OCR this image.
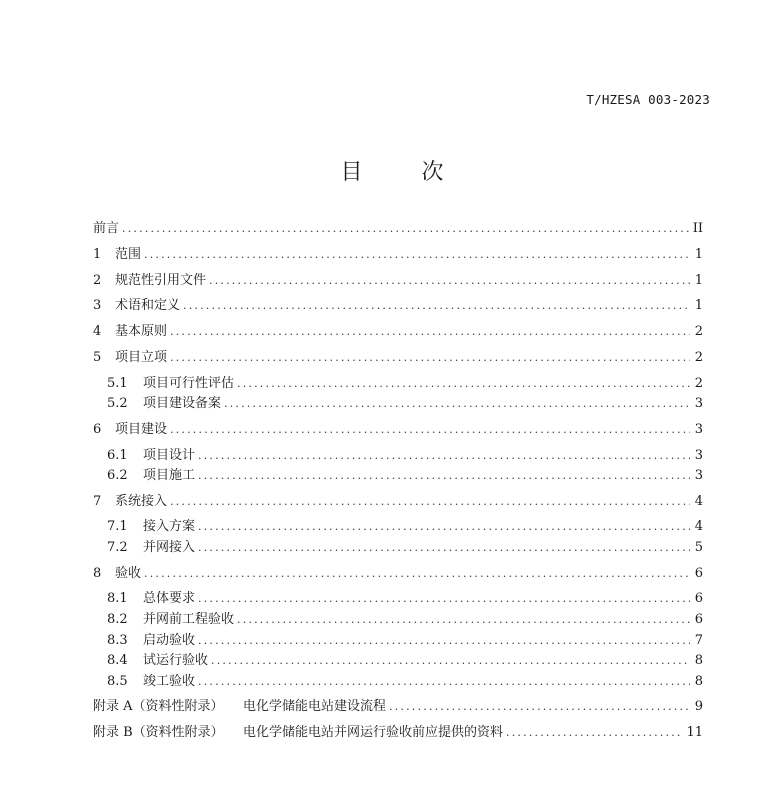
T/HZESA 003-2023
目 次
前言 .....	II
1	范围 .....	1
2	规范性引用文件 .....	1
3	术语和定义 .....	1
4	基本原则 .....	2
5	项目立项 .....	2
5.1	项目可行性评估 .....	2
5.2	项目建设备案 .....	3
6	项目建设 .....	3
6.1	项目设计 .....	3
6.2	项目施工 .....	3
7	系统接入 .....	4
7.1	接入方案 .....	4
7.2	并网接入 .....	5
8	验收 .....	6
8.1	总体要求 .....	6
8.2	并网前工程验收 .....	6
8.3	启动验收 .....	7
8.4	试运行验收 .....	8
8.5	竣工验收 .....	8
附录 A（资料性附录）	电化学储能电站建设流程 .....	9
附录 B（资料性附录）	电化学储能电站并网运行验收前应提供的资料 .....	11
